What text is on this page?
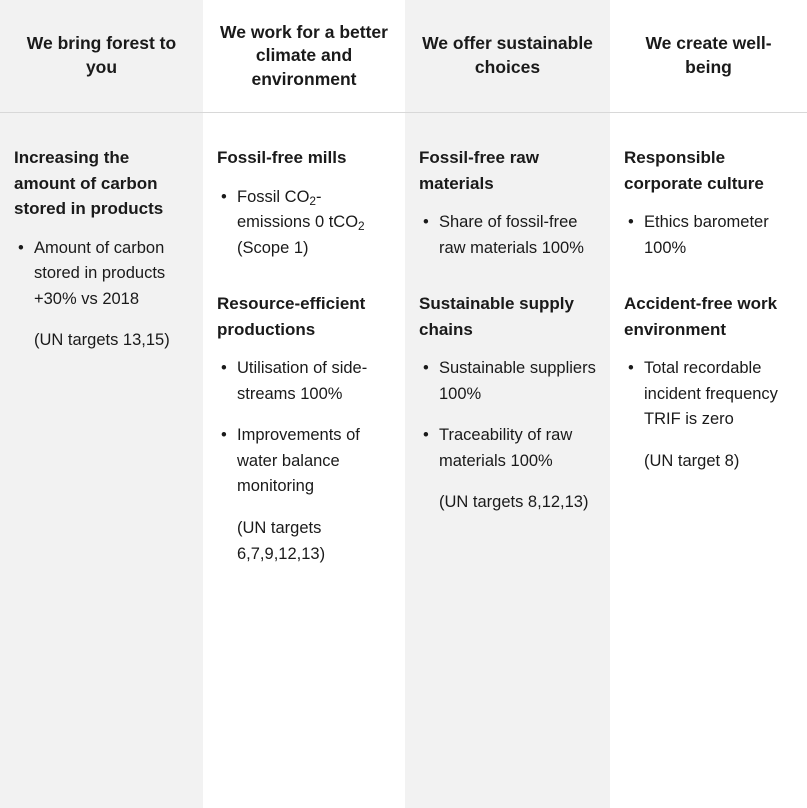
We bring forest to you
We work for a better climate and environment
We offer sustainable choices
We create well-being
Increasing the amount of carbon stored in products
• Amount of carbon stored in products +30% vs 2018
(UN targets 13,15)
Fossil-free mills
• Fossil $CO_2$-emissions 0 tCO$_2$ (Scope 1)
Resource-efficient productions
• Utilisation of side-streams 100%
• Improvements of water balance monitoring
(UN targets 6,7,9,12,13)
Fossil-free raw materials
• Share of fossil-free raw materials 100%
Sustainable supply chains
• Sustainable suppliers 100%
• Traceability of raw materials 100%
(UN targets 8,12,13)
Responsible corporate culture
• Ethics barometer 100%
Accident-free work environment
• Total recordable incident frequency TRIF is zero
(UN target 8)
